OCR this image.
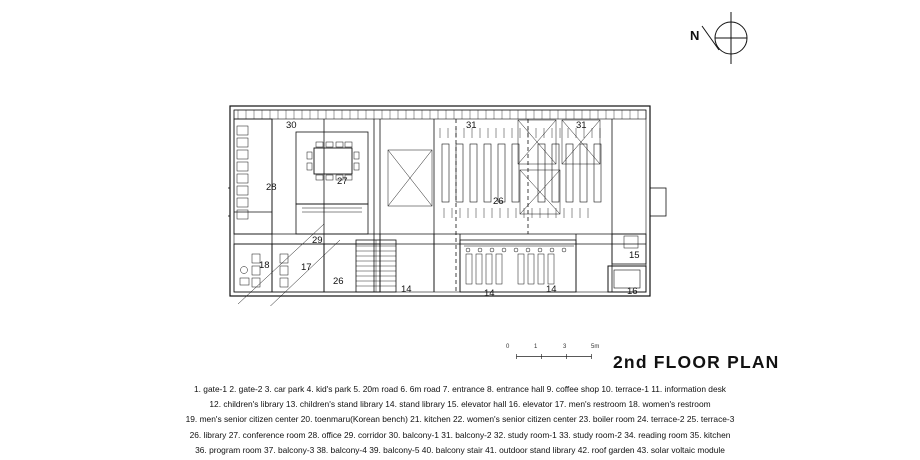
N
30	31	31
28
27
26
29
15
18	17
26
16
14	14	14
0	1	3	5m
2nd FLOOR PLAN
1. gate-1 2. gate-2 3. car park 4. kid's park 5. 20m road 6. 6m road 7. entrance 8. entrance hall 9. coffee shop 10. terrace-1 11. information desk
12. children's library 13. children's stand library 14. stand library 15. elevator hall 16. elevator 17. men's restroom 18. women's restroom
19. men's senior citizen center 20. toenmaru(Korean bench) 21. kitchen 22. women's senior citizen center 23. boiler room 24. terrace-2 25. terrace-3
26. library 27. conference room 28. office 29. corridor 30. balcony-1 31. balcony-2 32. study room-1 33. study room-2 34. reading room 35. kitchen
36. program room 37. balcony-3 38. balcony-4 39. balcony-5 40. balcony stair 41. outdoor stand library 42. roof garden 43. solar voltaic module
